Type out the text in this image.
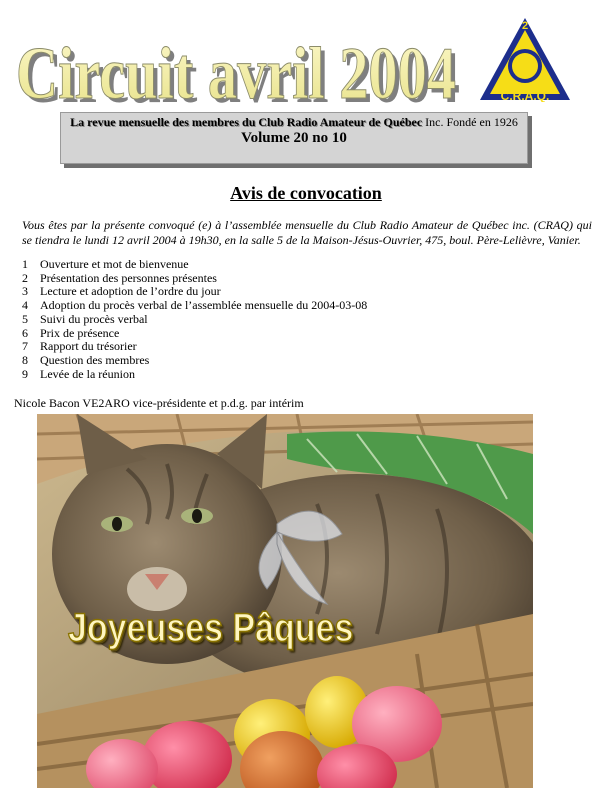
Circuit avril 2004
Circuit avril 2004
2
C.R.A.Q.
La revue mensuelle des membres du Club Radio Amateur de Québec Inc. Fondé en 1926
Volume 20 no 10
Avis de convocation
Vous êtes par la présente convoqué (e) à l’assemblée mensuelle du Club Radio Amateur de Québec inc. (CRAQ) qui se tiendra le lundi 12 avril 2004 à 19h30, en la salle 5 de la Maison-Jésus-Ouvrier, 475, boul. Père-Lelièvre, Vanier.
1	Ouverture et mot de bienvenue
2	Présentation des personnes présentes
3	Lecture et adoption de l’ordre du jour
4	Adoption du procès verbal de l’assemblée mensuelle du 2004-03-08
5	Suivi du procès verbal
6	Prix de présence
7	Rapport du trésorier
8	Question des membres
9	Levée de la réunion
Nicole Bacon VE2ARO vice-présidente et p.d.g. par intérim
Joyeuses Pâques
